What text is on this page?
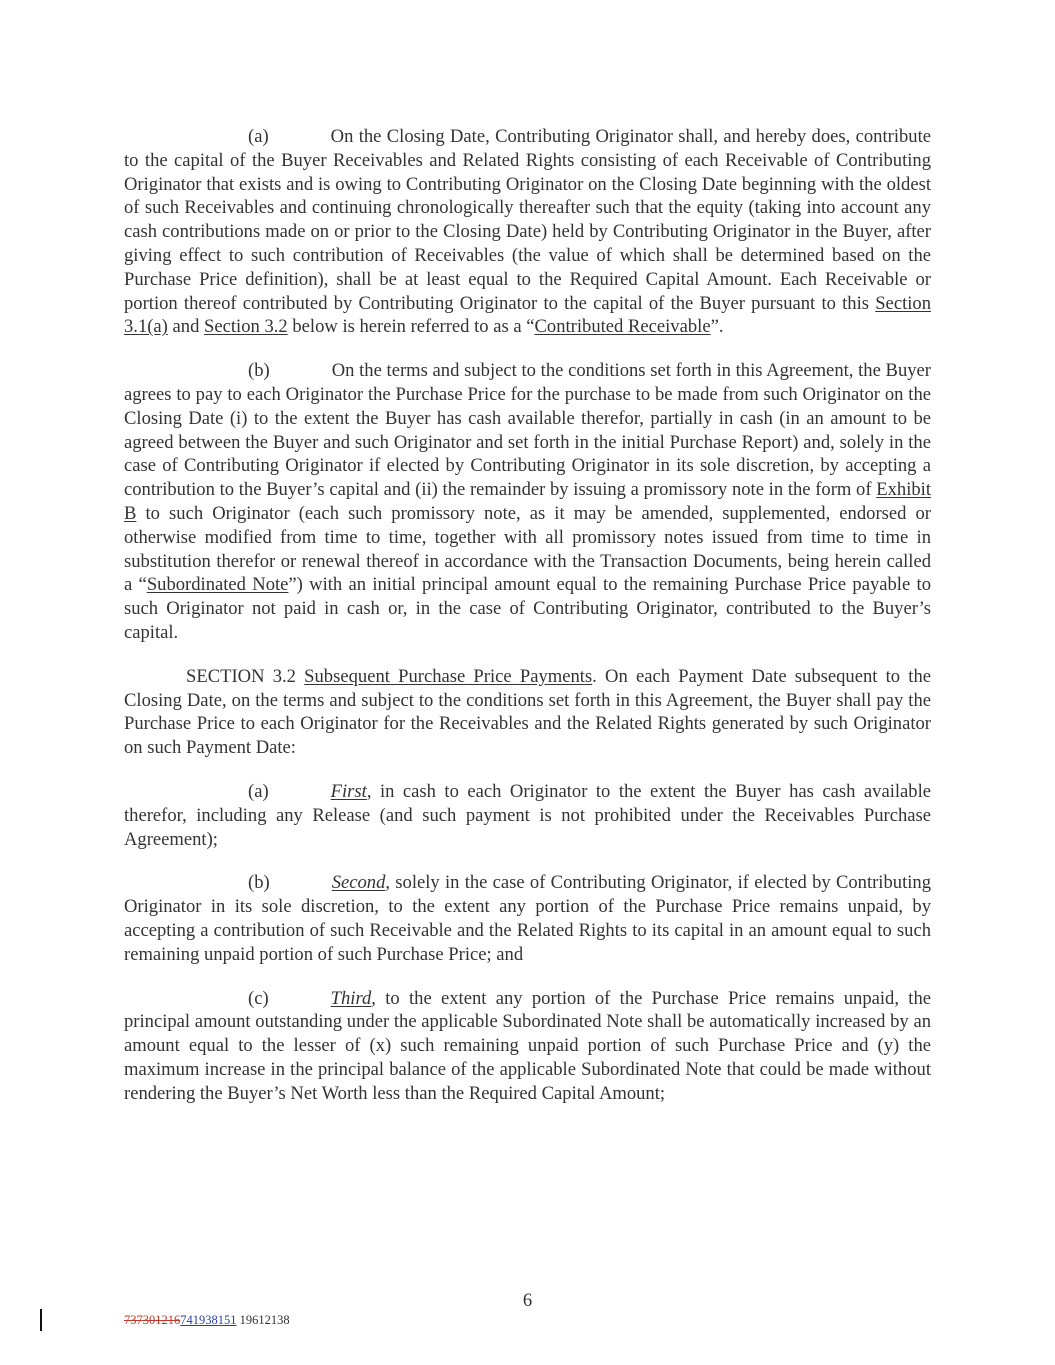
(a)	On the Closing Date, Contributing Originator shall, and hereby does, contribute to the capital of the Buyer Receivables and Related Rights consisting of each Receivable of Contributing Originator that exists and is owing to Contributing Originator on the Closing Date beginning with the oldest of such Receivables and continuing chronologically thereafter such that the equity (taking into account any cash contributions made on or prior to the Closing Date) held by Contributing Originator in the Buyer, after giving effect to such contribution of Receivables (the value of which shall be determined based on the Purchase Price definition), shall be at least equal to the Required Capital Amount. Each Receivable or portion thereof contributed by Contributing Originator to the capital of the Buyer pursuant to this Section 3.1(a) and Section 3.2 below is herein referred to as a “Contributed Receivable”.

(b)	On the terms and subject to the conditions set forth in this Agreement, the Buyer agrees to pay to each Originator the Purchase Price for the purchase to be made from such Originator on the Closing Date (i) to the extent the Buyer has cash available therefor, partially in cash (in an amount to be agreed between the Buyer and such Originator and set forth in the initial Purchase Report) and, solely in the case of Contributing Originator if elected by Contributing Originator in its sole discretion, by accepting a contribution to the Buyer’s capital and (ii) the remainder by issuing a promissory note in the form of Exhibit B to such Originator (each such promissory note, as it may be amended, supplemented, endorsed or otherwise modified from time to time, together with all promissory notes issued from time to time in substitution therefor or renewal thereof in accordance with the Transaction Documents, being herein called a “Subordinated Note”) with an initial principal amount equal to the remaining Purchase Price payable to such Originator not paid in cash or, in the case of Contributing Originator, contributed to the Buyer’s capital.

SECTION 3.2 Subsequent Purchase Price Payments. On each Payment Date subsequent to the Closing Date, on the terms and subject to the conditions set forth in this Agreement, the Buyer shall pay the Purchase Price to each Originator for the Receivables and the Related Rights generated by such Originator on such Payment Date:

(a)	First, in cash to each Originator to the extent the Buyer has cash available therefor, including any Release (and such payment is not prohibited under the Receivables Purchase Agreement);

(b)	Second, solely in the case of Contributing Originator, if elected by Contributing Originator in its sole discretion, to the extent any portion of the Purchase Price remains unpaid, by accepting a contribution of such Receivable and the Related Rights to its capital in an amount equal to such remaining unpaid portion of such Purchase Price; and

(c)	Third, to the extent any portion of the Purchase Price remains unpaid, the principal amount outstanding under the applicable Subordinated Note shall be automatically increased by an amount equal to the lesser of (x) such remaining unpaid portion of such Purchase Price and (y) the maximum increase in the principal balance of the applicable Subordinated Note that could be made without rendering the Buyer’s Net Worth less than the Required Capital Amount;

6
737301216741938151 19612138
